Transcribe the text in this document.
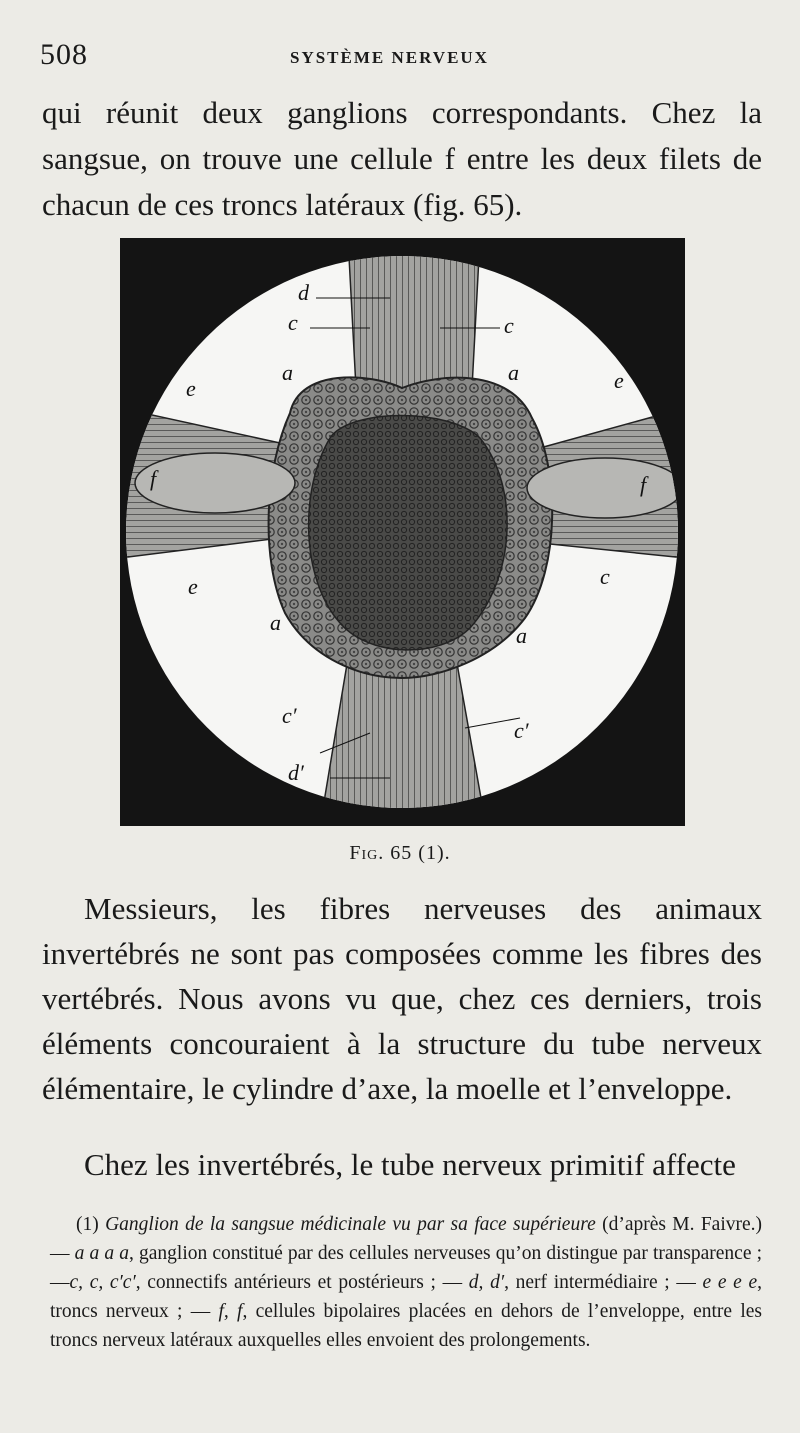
508	SYSTÈME NERVEUX

qui réunit deux ganglions correspondants. Chez la sangsue, on trouve une cellule f entre les deux filets de chacun de ces troncs latéraux (fig. 65).

d
c	c
a	a
e	e
f	f
e	c
a
a
c′
c′
d′
Fig. 65 (1).

Messieurs, les fibres nerveuses des animaux invertébrés ne sont pas composées comme les fibres des vertébrés. Nous avons vu que, chez ces derniers, trois éléments concouraient à la structure du tube nerveux élémentaire, le cylindre d’axe, la moelle et l’enveloppe.

Chez les invertébrés, le tube nerveux primitif affecte

(1) Ganglion de la sangsue médicinale vu par sa face supérieure (d’après M. Faivre.) — a a a a, ganglion constitué par des cellules nerveuses qu’on distingue par transparence ;—c, c, c′c′, connectifs antérieurs et postérieurs ; — d, d′, nerf intermédiaire ; — e e e e, troncs nerveux ; — f, f, cellules bipolaires placées en dehors de l’enveloppe, entre les troncs nerveux latéraux auxquelles elles envoient des prolongements.
